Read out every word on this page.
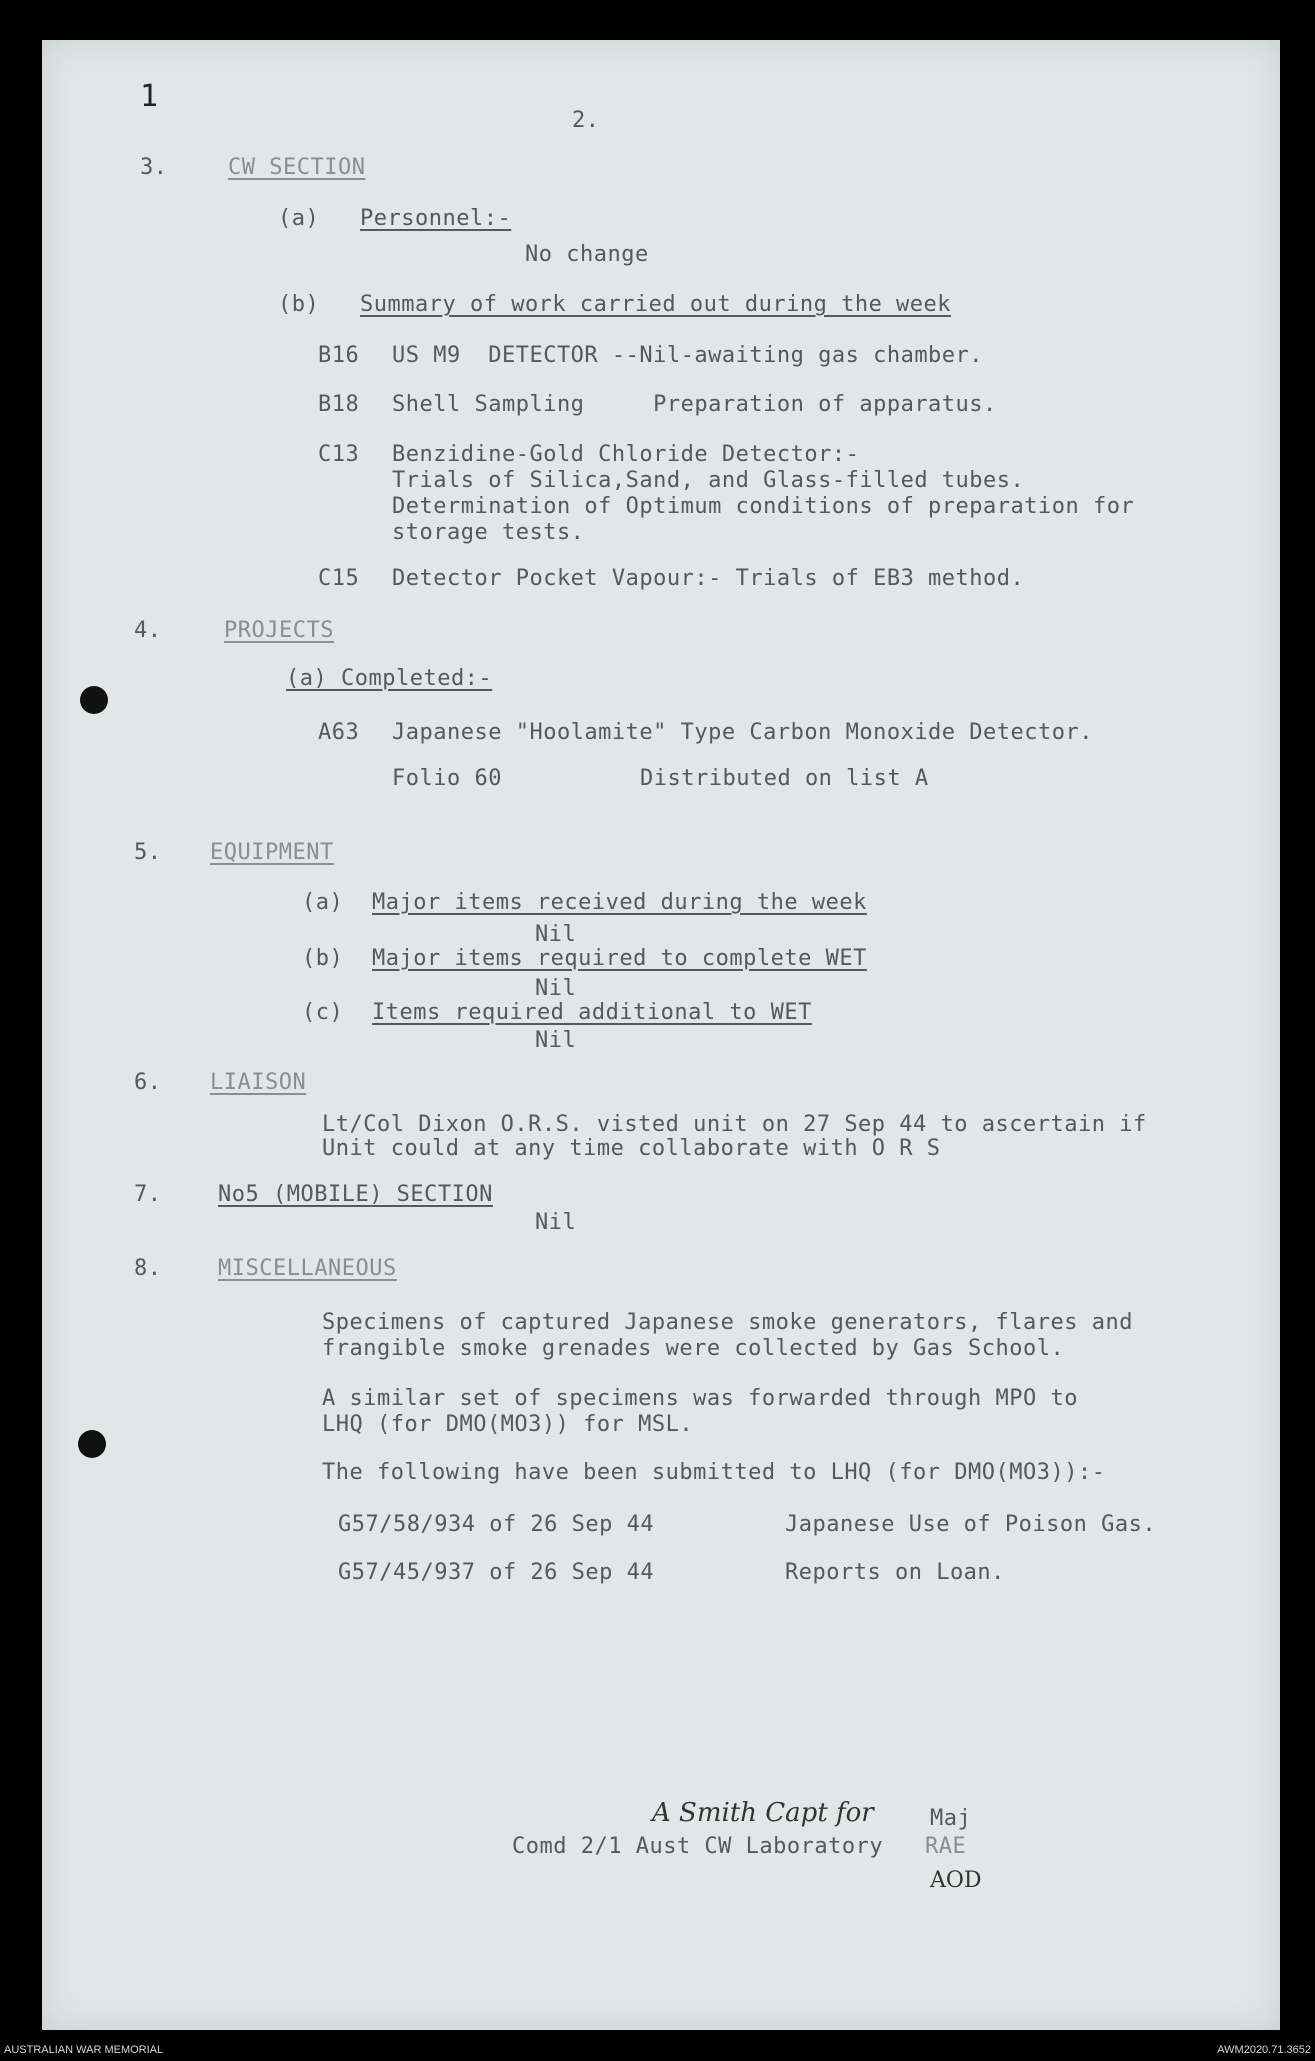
1
2.
3.	CW SECTION
(a) Personnel:-
No change
(b) Summary of work carried out during the week
B16 US M9  DETECTOR --Nil-awaiting gas chamber.
B18 Shell Sampling     Preparation of apparatus.
C13 Benzidine-Gold Chloride Detector:-
Trials of Silica,Sand, and Glass-filled tubes.
Determination of Optimum conditions of preparation for
storage tests.
C15 Detector Pocket Vapour:- Trials of EB3 method.
4.	PROJECTS
(a) Completed:-
A63 Japanese "Hoolamite" Type Carbon Monoxide Detector.
Folio 60	Distributed on list A
5. EQUIPMENT
(a) Major items received during the week
Nil
(b) Major items required to complete WET
Nil
(c) Items required additional to WET
Nil
6. LIAISON
Lt/Col Dixon O.R.S. visted unit on 27 Sep 44 to ascertain if
Unit could at any time collaborate with O R S
7.	No5 (MOBILE) SECTION
Nil
8.	MISCELLANEOUS
Specimens of captured Japanese smoke generators, flares and
frangible smoke grenades were collected by Gas School.
A similar set of specimens was forwarded through MPO to
LHQ (for DMO(MO3)) for MSL.
The following have been submitted to LHQ (for DMO(MO3)):-
G57/58/934 of 26 Sep 44	Japanese Use of Poison Gas.
G57/45/937 of 26 Sep 44	Reports on Loan.
A Smith Capt for	Maj
Comd 2/1 Aust CW Laboratory RAE
AOD
AUSTRALIAN WAR MEMORIAL	AWM2020.71.3652
